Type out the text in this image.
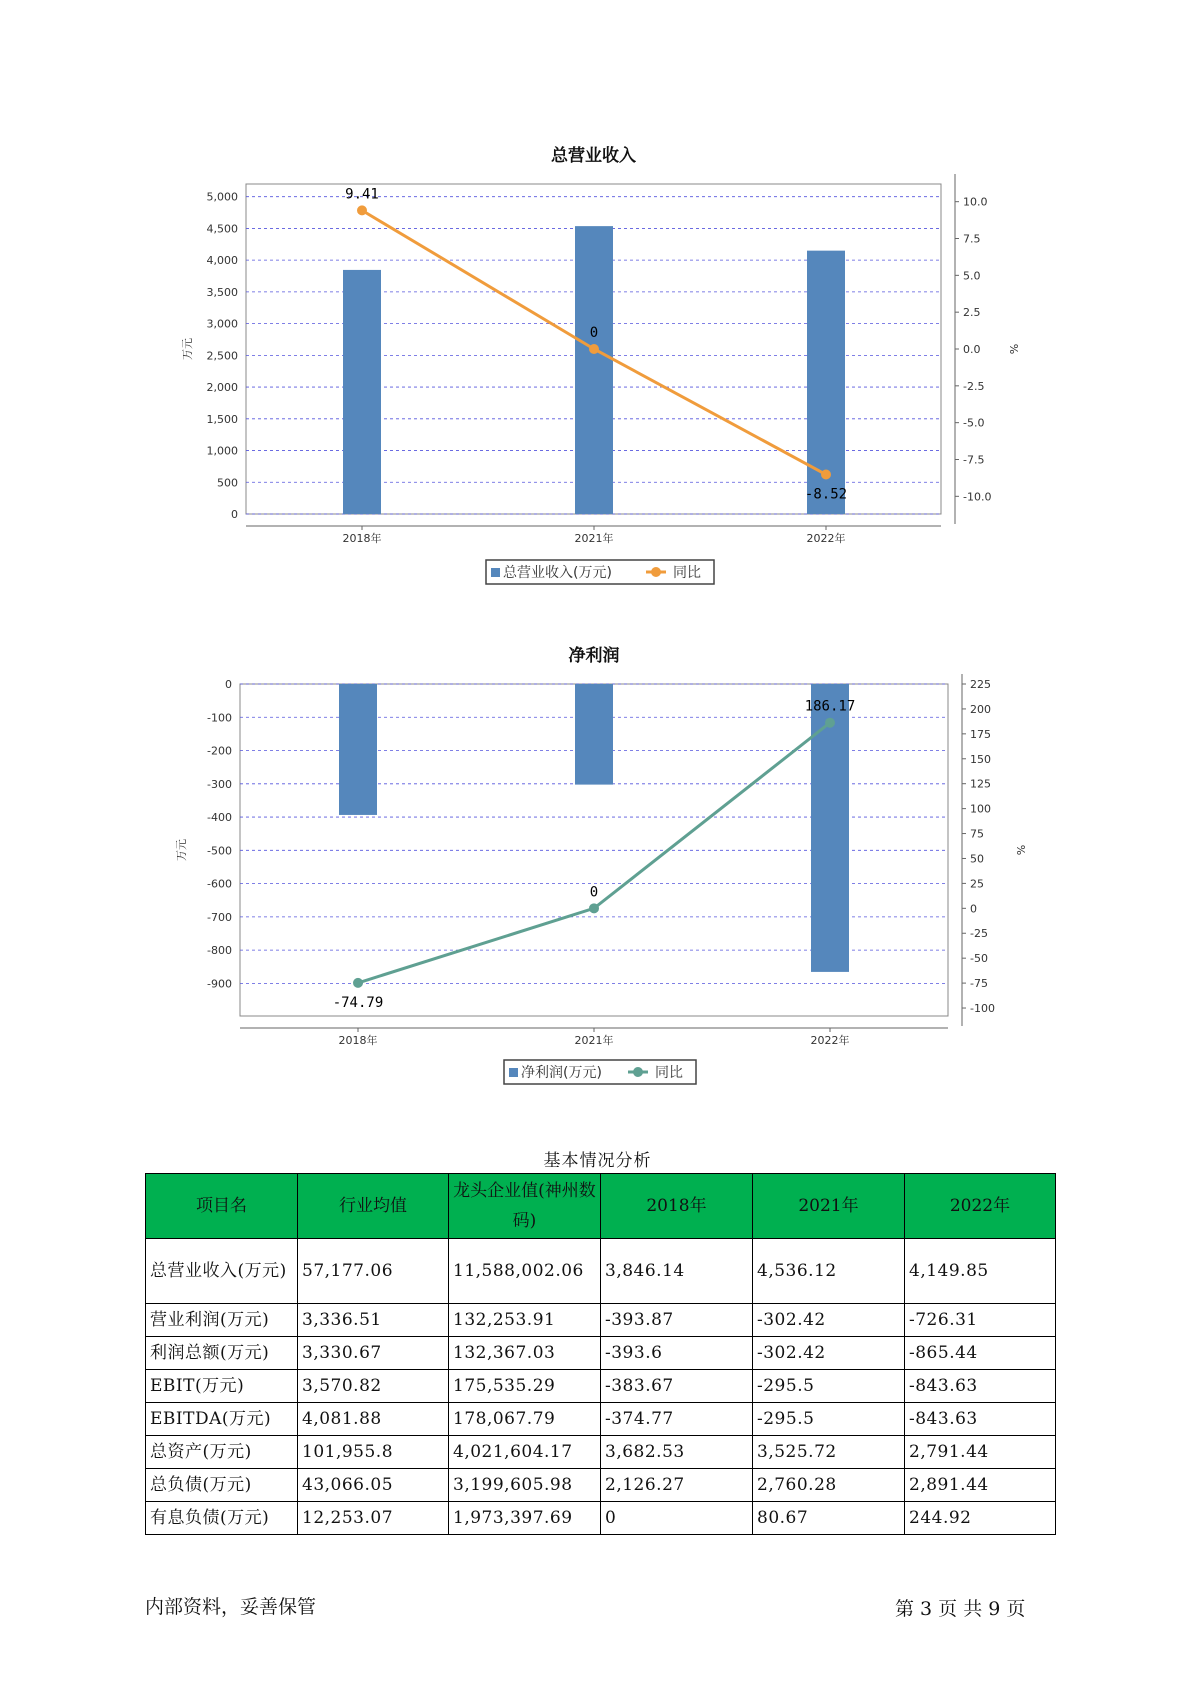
总营业收入
5,000
4,500
4,000
3,500
3,000
2,500
2,000
1,500
1,000
500
0
10.0
7.5
5.0
2.5
0.0
-2.5
-5.0
-7.5
-10.0
万元	%
2018年	2021年	2022年
9.41
0
-8.52
总营业收入(万元)	同比
净利润
0
-100
-200
-300
-400
-500
-600
-700
-800
-900
225
200
175
150
125
100
75
50
25
0
-25
-50
-75
-100
万元	%
2018年	2021年	2022年
-74.79
0
186.17
净利润(万元)	同比
基本情况分析
项目名	行业均值	龙头企业值(神州数码)	2018年	2021年	2022年
总营业收入(万元)	57,177.06	11,588,002.06	3,846.14	4,536.12	4,149.85
营业利润(万元)	3,336.51	132,253.91	-393.87	-302.42	-726.31
利润总额(万元)	3,330.67	132,367.03	-393.6	-302.42	-865.44
EBIT(万元)	3,570.82	175,535.29	-383.67	-295.5	-843.63
EBITDA(万元)	4,081.88	178,067.79	-374.77	-295.5	-843.63
总资产(万元)	101,955.8	4,021,604.17	3,682.53	3,525.72	2,791.44
总负债(万元)	43,066.05	3,199,605.98	2,126.27	2,760.28	2,891.44
有息负债(万元)	12,253.07	1,973,397.69	0	80.67	244.92
内部资料，妥善保管	第 3 页 共 9 页
